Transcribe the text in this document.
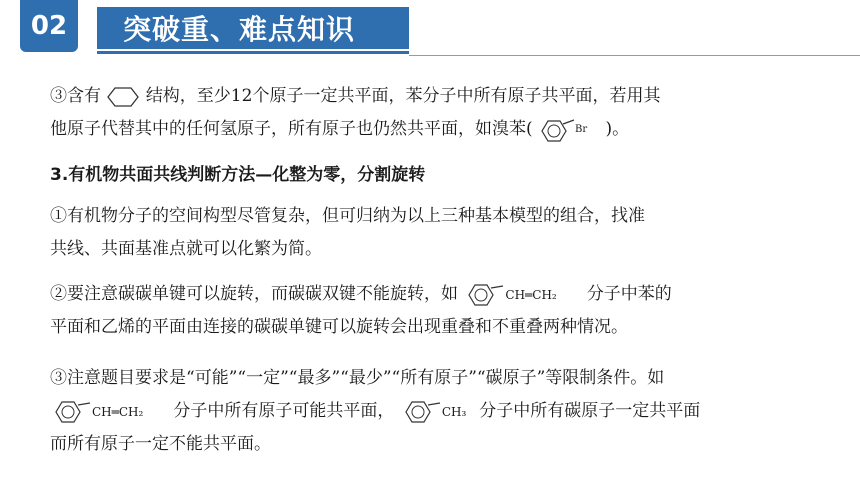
02	突破重、难点知识
③含有	结构，至少12个原子一定共平面，苯分子中所有原子共平面，若用其
他原子代替其中的任何氢原子，所有原子也仍然共平面，如溴苯(	Br )。
3.有机物共面共线判断方法—化整为零，分割旋转
①有机物分子的空间构型尽管复杂，但可归纳为以上三种基本模型的组合，找准
共线、共面基准点就可以化繁为简。
②要注意碳碳单键可以旋转，而碳碳双键不能旋转，如	CH═CH₂ 分子中苯的
平面和乙烯的平面由连接的碳碳单键可以旋转会出现重叠和不重叠两种情况。
③注意题目要求是“可能”“一定”“最多”“最少”“所有原子”“碳原子”等限制条件。如
CH═CH₂ 分子中所有原子可能共平面，	CH₃ 分子中所有碳原子一定共平面
而所有原子一定不能共平面。
